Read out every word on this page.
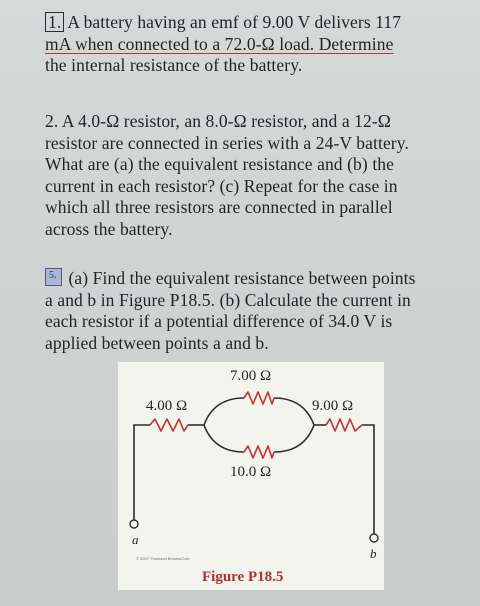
1. A battery having an emf of 9.00 V delivers 117
mA when connected to a 72.0-Ω load. Determine
the internal resistance of the battery.
2. A 4.0-Ω resistor, an 8.0-Ω resistor, and a 12-Ω
resistor are connected in series with a 24-V battery.
What are (a) the equivalent resistance and (b) the
current in each resistor? (c) Repeat for the case in
which all three resistors are connected in parallel
across the battery.
5. (a) Find the equivalent resistance between points
a and b in Figure P18.5. (b) Calculate the current in
each resistor if a potential difference of 34.0 V is
applied between points a and b.
7.00 Ω
4.00 Ω	9.00 Ω
10.0 Ω
a
b
© 2007 Thomson Brooks/Cole
Figure P18.5
